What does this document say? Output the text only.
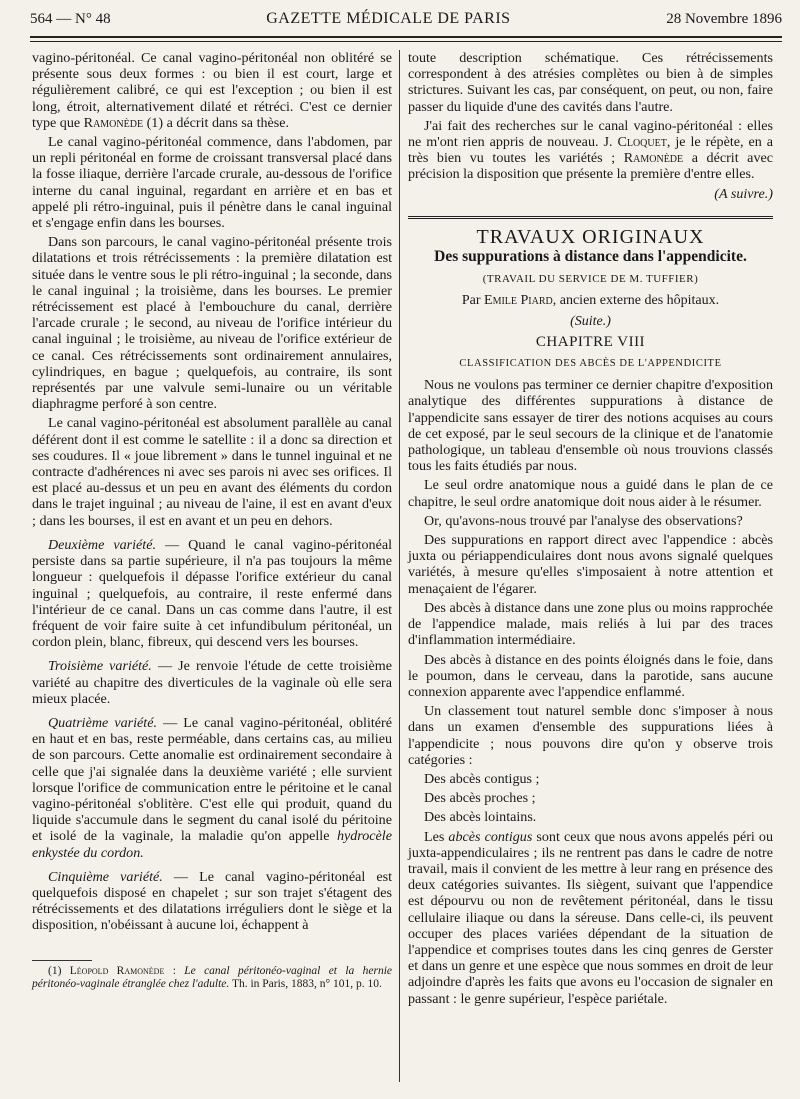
564 — N° 48	GAZETTE MÉDICALE DE PARIS	28 Novembre 1896

vagino-péritonéal. Ce canal vagino-péritonéal non oblitéré se présente sous deux formes : ou bien il est court, large et régulièrement calibré, ce qui est l'exception ; ou bien il est long, étroit, alternativement dilaté et rétréci. C'est ce dernier type que Ramonède (1) a décrit dans sa thèse.

Le canal vagino-péritonéal commence, dans l'abdomen, par un repli péritonéal en forme de croissant transversal placé dans la fosse iliaque, derrière l'arcade crurale, au-dessous de l'orifice interne du canal inguinal, regardant en arrière et en bas et appelé pli rétro-inguinal, puis il pénètre dans le canal inguinal et s'engage enfin dans les bourses.

Dans son parcours, le canal vagino-péritonéal présente trois dilatations et trois rétrécissements : la première dilatation est située dans le ventre sous le pli rétro-inguinal ; la seconde, dans le canal inguinal ; la troisième, dans les bourses. Le premier rétrécissement est placé à l'embouchure du canal, derrière l'arcade crurale ; le second, au niveau de l'orifice intérieur du canal inguinal ; le troisième, au niveau de l'orifice extérieur de ce canal. Ces rétrécissements sont ordinairement annulaires, cylindriques, en bague ; quelquefois, au contraire, ils sont représentés par une valvule semi-lunaire ou un véritable diaphragme perforé à son centre.

Le canal vagino-péritonéal est absolument parallèle au canal déférent dont il est comme le satellite : il a donc sa direction et ses coudures. Il « joue librement » dans le tunnel inguinal et ne contracte d'adhérences ni avec ses parois ni avec ses orifices. Il est placé au-dessus et un peu en avant des éléments du cordon dans le trajet inguinal ; au niveau de l'aine, il est en avant d'eux ; dans les bourses, il est en avant et un peu en dehors.

Deuxième variété. — Quand le canal vagino-péritonéal persiste dans sa partie supérieure, il n'a pas toujours la même longueur : quelquefois il dépasse l'orifice extérieur du canal inguinal ; quelquefois, au contraire, il reste enfermé dans l'intérieur de ce canal. Dans un cas comme dans l'autre, il est fréquent de voir faire suite à cet infundibulum péritonéal, un cordon plein, blanc, fibreux, qui descend vers les bourses.

Troisième variété. — Je renvoie l'étude de cette troisième variété au chapitre des diverticules de la vaginale où elle sera mieux placée.

Quatrième variété. — Le canal vagino-péritonéal, oblitéré en haut et en bas, reste perméable, dans certains cas, au milieu de son parcours. Cette anomalie est ordinairement secondaire à celle que j'ai signalée dans la deuxième variété ; elle survient lorsque l'orifice de communication entre le péritoine et le canal vagino-péritonéal s'oblitère. C'est elle qui produit, quand du liquide s'accumule dans le segment du canal isolé du péritoine et isolé de la vaginale, la maladie qu'on appelle hydrocèle enkystée du cordon.

Cinquième variété. — Le canal vagino-péritonéal est quelquefois disposé en chapelet ; sur son trajet s'étagent des rétrécissements et des dilatations irréguliers dont le siège et la disposition, n'obéissant à aucune loi, échappent à

(1) Léopold Ramonède : Le canal péritonéo-vaginal et la hernie péritonéo-vaginale étranglée chez l'adulte. Th. in Paris, 1883, n° 101, p. 10.

toute description schématique. Ces rétrécissements correspondent à des atrésies complètes ou bien à de simples strictures. Suivant les cas, par conséquent, on peut, ou non, faire passer du liquide d'une des cavités dans l'autre.

J'ai fait des recherches sur le canal vagino-péritonéal : elles ne m'ont rien appris de nouveau. J. Cloquet, je le répète, en a très bien vu toutes les variétés ; Ramonède a décrit avec précision la disposition que présente la première d'entre elles.

(A suivre.)

TRAVAUX ORIGINAUX
Des suppurations à distance dans l'appendicite.
(TRAVAIL DU SERVICE DE M. TUFFIER)
Par Emile Piard, ancien externe des hôpitaux.
(Suite.)
CHAPITRE VIII
CLASSIFICATION DES ABCÈS DE L'APPENDICITE

Nous ne voulons pas terminer ce dernier chapitre d'exposition analytique des différentes suppurations à distance de l'appendicite sans essayer de tirer des notions acquises au cours de cet exposé, par le seul secours de la clinique et de l'anatomie pathologique, un tableau d'ensemble où nous trouvions classés tous les faits étudiés par nous.

Le seul ordre anatomique nous a guidé dans le plan de ce chapitre, le seul ordre anatomique doit nous aider à le résumer.

Or, qu'avons-nous trouvé par l'analyse des observations?

Des suppurations en rapport direct avec l'appendice : abcès juxta ou périappendiculaires dont nous avons signalé quelques variétés, à mesure qu'elles s'imposaient à notre attention et menaçaient de l'égarer.

Des abcès à distance dans une zone plus ou moins rapprochée de l'appendice malade, mais reliés à lui par des traces d'inflammation intermédiaire.

Des abcès à distance en des points éloignés dans le foie, dans le poumon, dans le cerveau, dans la parotide, sans aucune connexion apparente avec l'appendice enflammé.

Un classement tout naturel semble donc s'imposer à nous dans un examen d'ensemble des suppurations liées à l'appendicite ; nous pouvons dire qu'on y observe trois catégories :

Des abcès contigus ;

Des abcès proches ;

Des abcès lointains.

Les abcès contigus sont ceux que nous avons appelés péri ou juxta-appendiculaires ; ils ne rentrent pas dans le cadre de notre travail, mais il convient de les mettre à leur rang en présence des deux catégories suivantes. Ils siègent, suivant que l'appendice est dépourvu ou non de revêtement péritonéal, dans le tissu cellulaire iliaque ou dans la séreuse. Dans celle-ci, ils peuvent occuper des places variées dépendant de la situation de l'appendice et comprises toutes dans les cinq genres de Gerster et dans un genre et une espèce que nous sommes en droit de leur adjoindre d'après les faits que avons eu l'occasion de signaler en passant : le genre supérieur, l'espèce pariétale.
